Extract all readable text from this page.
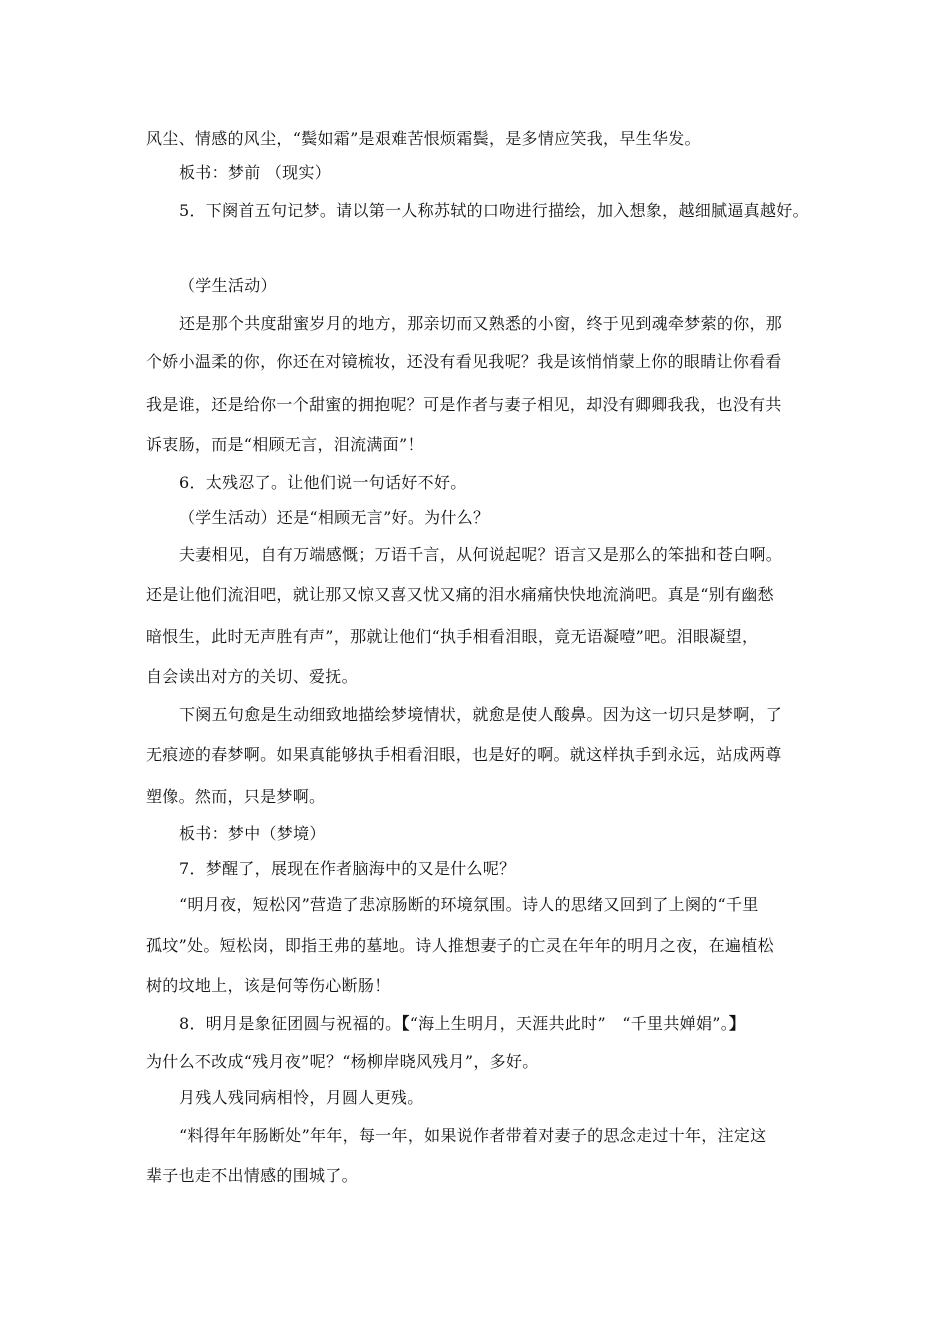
风尘、情感的风尘，“鬓如霜”是艰难苦恨烦霜鬓，是多情应笑我，早生华发。
板书：梦前 （现实）
5．下阕首五句记梦。请以第一人称苏轼的口吻进行描绘，加入想象，越细腻逼真越好。
（学生活动）
还是那个共度甜蜜岁月的地方，那亲切而又熟悉的小窗，终于见到魂牵梦萦的你，那
个娇小温柔的你，你还在对镜梳妆，还没有看见我呢？我是该悄悄蒙上你的眼睛让你看看
我是谁，还是给你一个甜蜜的拥抱呢？可是作者与妻子相见，却没有卿卿我我，也没有共
诉衷肠，而是“相顾无言，泪流满面”！
6．太残忍了。让他们说一句话好不好。
（学生活动）还是“相顾无言”好。为什么？
夫妻相见，自有万端感慨；万语千言，从何说起呢？语言又是那么的笨拙和苍白啊。
还是让他们流泪吧，就让那又惊又喜又忧又痛的泪水痛痛快快地流淌吧。真是“别有幽愁
暗恨生，此时无声胜有声”，那就让他们“执手相看泪眼，竟无语凝噎”吧。泪眼凝望，
自会读出对方的关切、爱抚。
下阕五句愈是生动细致地描绘梦境情状，就愈是使人酸鼻。因为这一切只是梦啊，了
无痕迹的春梦啊。如果真能够执手相看泪眼，也是好的啊。就这样执手到永远，站成两尊
塑像。然而，只是梦啊。
板书：梦中（梦境）
7．梦醒了，展现在作者脑海中的又是什么呢？
“明月夜，短松冈”营造了悲凉肠断的环境氛围。诗人的思绪又回到了上阕的“千里
孤坟”处。短松岗，即指王弗的墓地。诗人推想妻子的亡灵在年年的明月之夜，在遍植松
树的坟地上，该是何等伤心断肠！
8．明月是象征团圆与祝福的。【“海上生明月，天涯共此时”　“千里共婵娟”。】
为什么不改成“残月夜”呢？“杨柳岸晓风残月”，多好。
月残人残同病相怜，月圆人更残。
“料得年年肠断处”年年，每一年，如果说作者带着对妻子的思念走过十年，注定这
辈子也走不出情感的围城了。
